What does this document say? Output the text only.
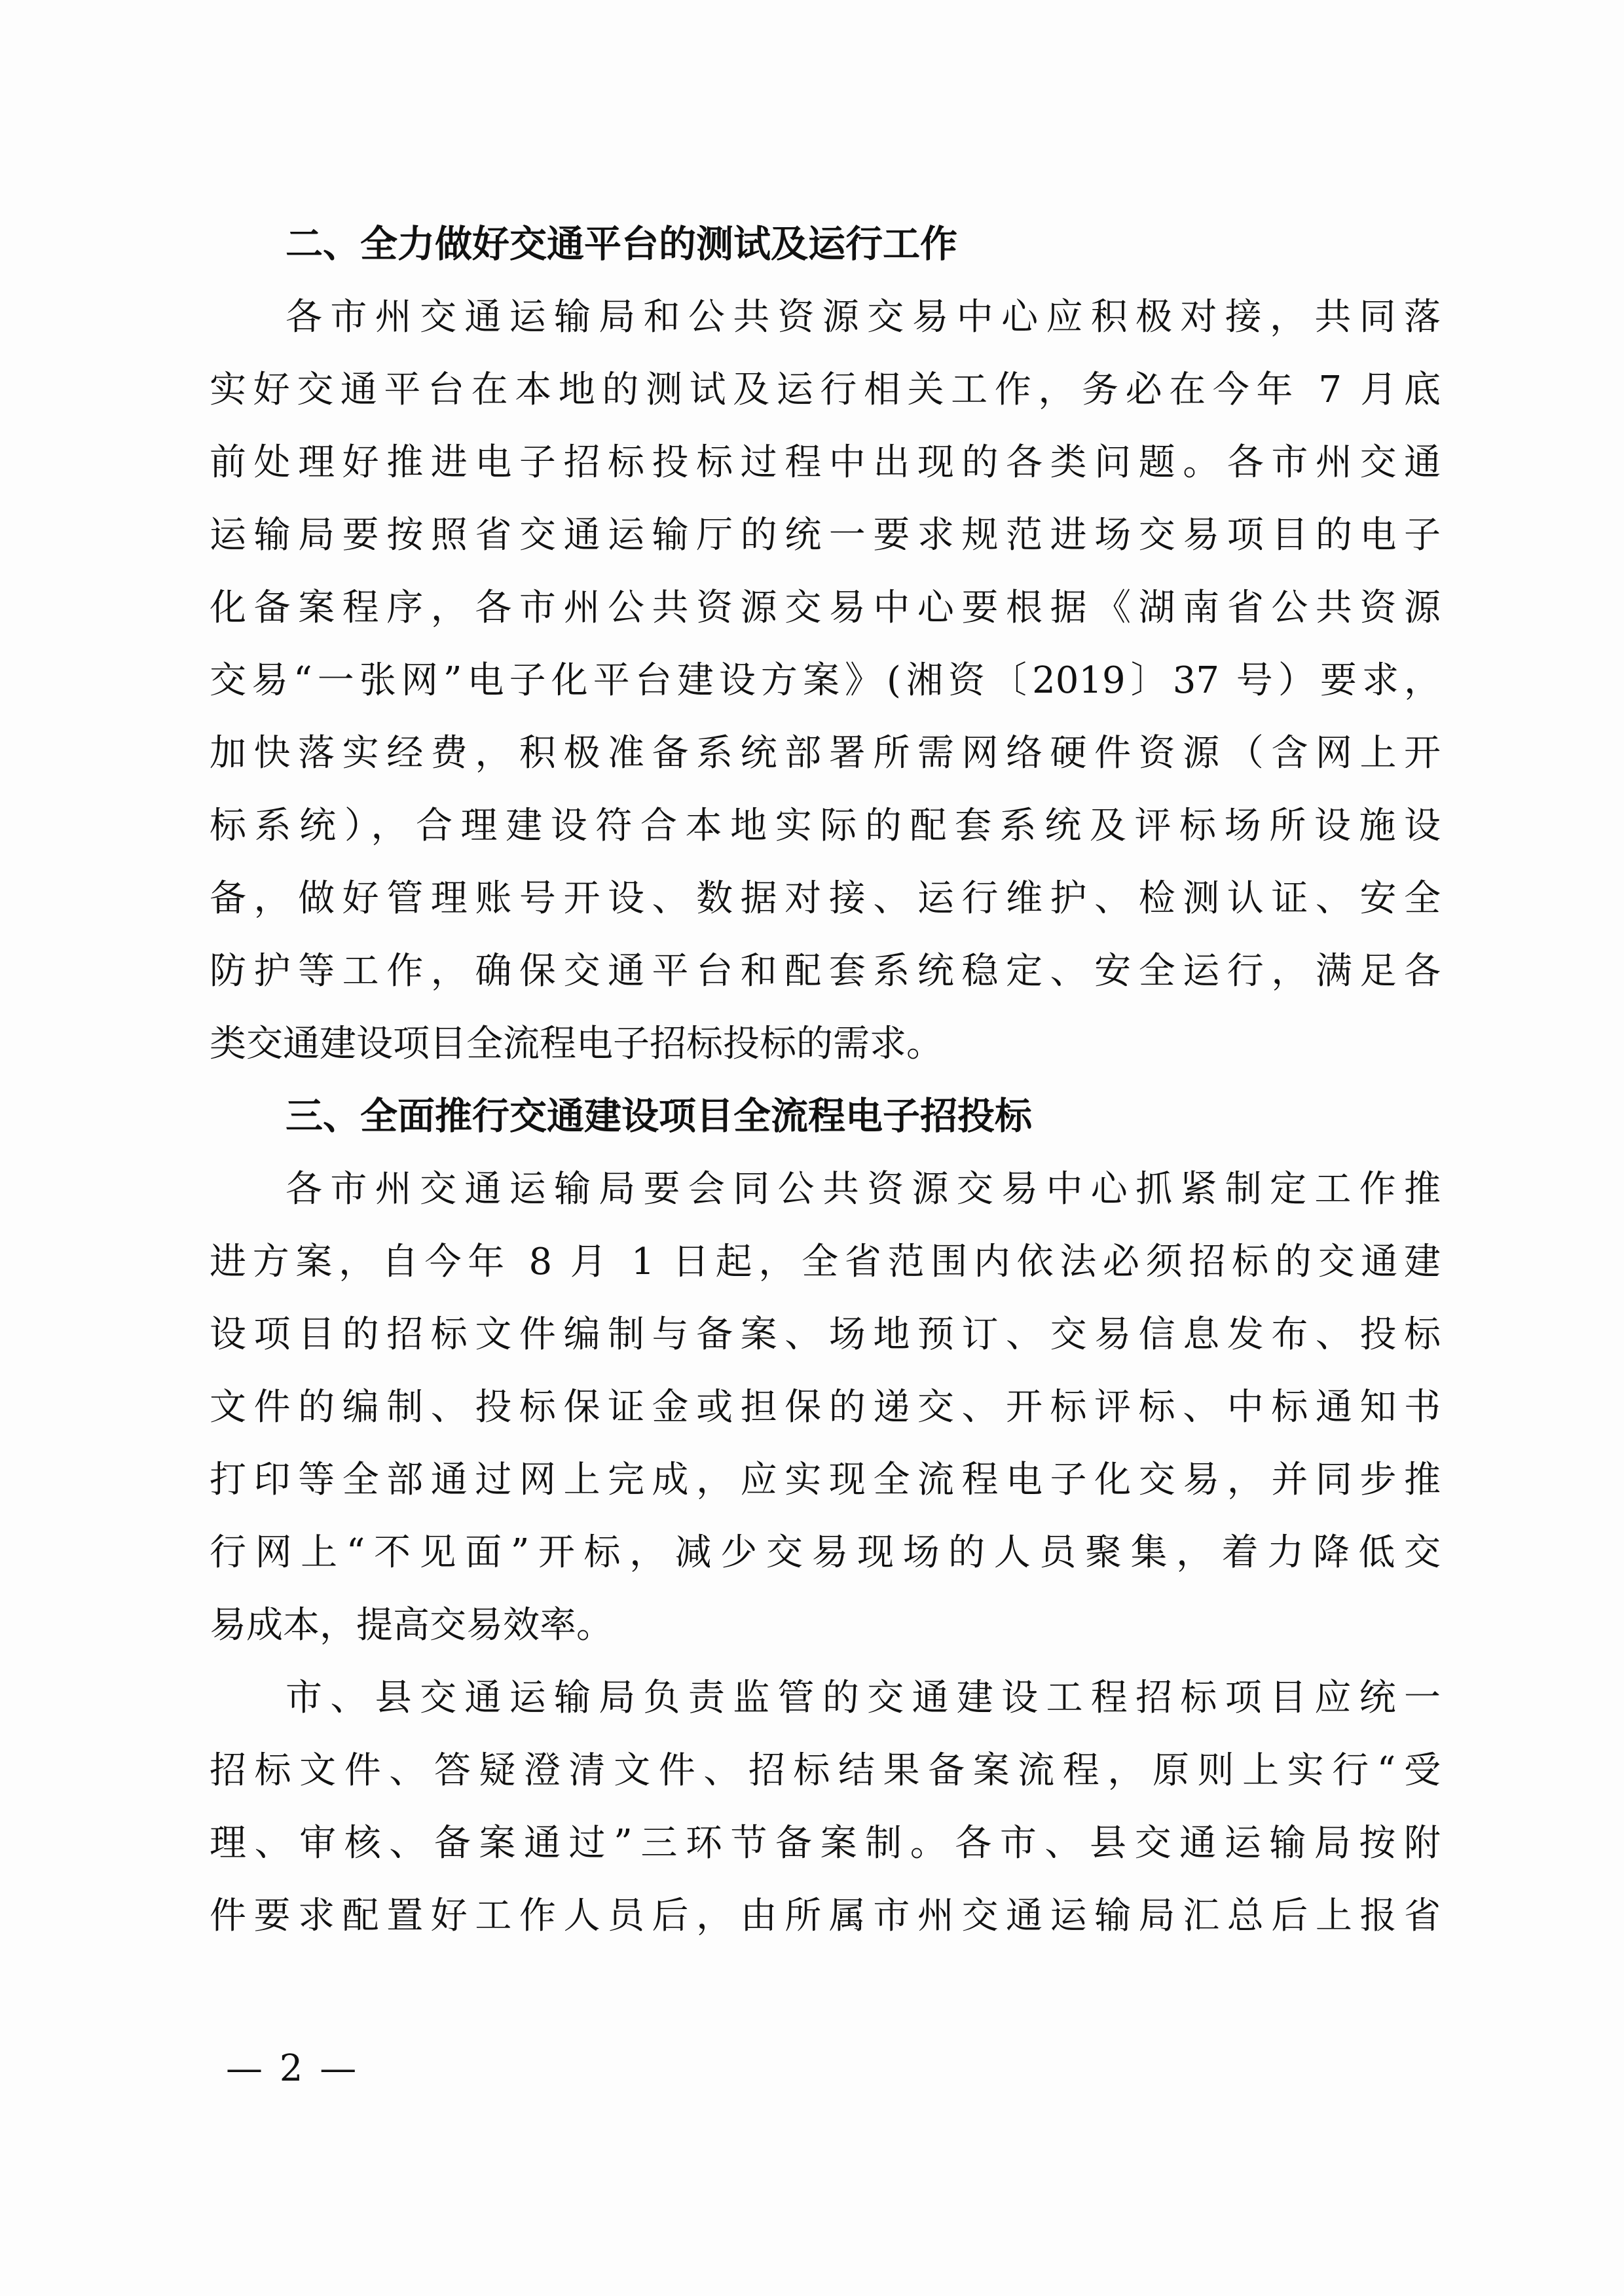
二、全力做好交通平台的测试及运行工作
各市州交通运输局和公共资源交易中心应积极对接，共同落
实好交通平台在本地的测试及运行相关工作，务必在今年 7 月底
前处理好推进电子招标投标过程中出现的各类问题。各市州交通
运输局要按照省交通运输厅的统一要求规范进场交易项目的电子
化备案程序，各市州公共资源交易中心要根据《湖南省公共资源
交易“一张网”电子化平台建设方案》(湘资〔2019〕37 号）要求，
加快落实经费，积极准备系统部署所需网络硬件资源（含网上开
标系统），合理建设符合本地实际的配套系统及评标场所设施设
备，做好管理账号开设、数据对接、运行维护、检测认证、安全
防护等工作，确保交通平台和配套系统稳定、安全运行，满足各
类交通建设项目全流程电子招标投标的需求。
三、全面推行交通建设项目全流程电子招投标
各市州交通运输局要会同公共资源交易中心抓紧制定工作推
进方案，自今年 8 月 1 日起，全省范围内依法必须招标的交通建
设项目的招标文件编制与备案、场地预订、交易信息发布、投标
文件的编制、投标保证金或担保的递交、开标评标、中标通知书
打印等全部通过网上完成，应实现全流程电子化交易，并同步推
行网上“不见面”开标，减少交易现场的人员聚集，着力降低交
易成本，提高交易效率。
市、县交通运输局负责监管的交通建设工程招标项目应统一
招标文件、答疑澄清文件、招标结果备案流程，原则上实行“受
理、审核、备案通过”三环节备案制。各市、县交通运输局按附
件要求配置好工作人员后，由所属市州交通运输局汇总后上报省
— 2 —
